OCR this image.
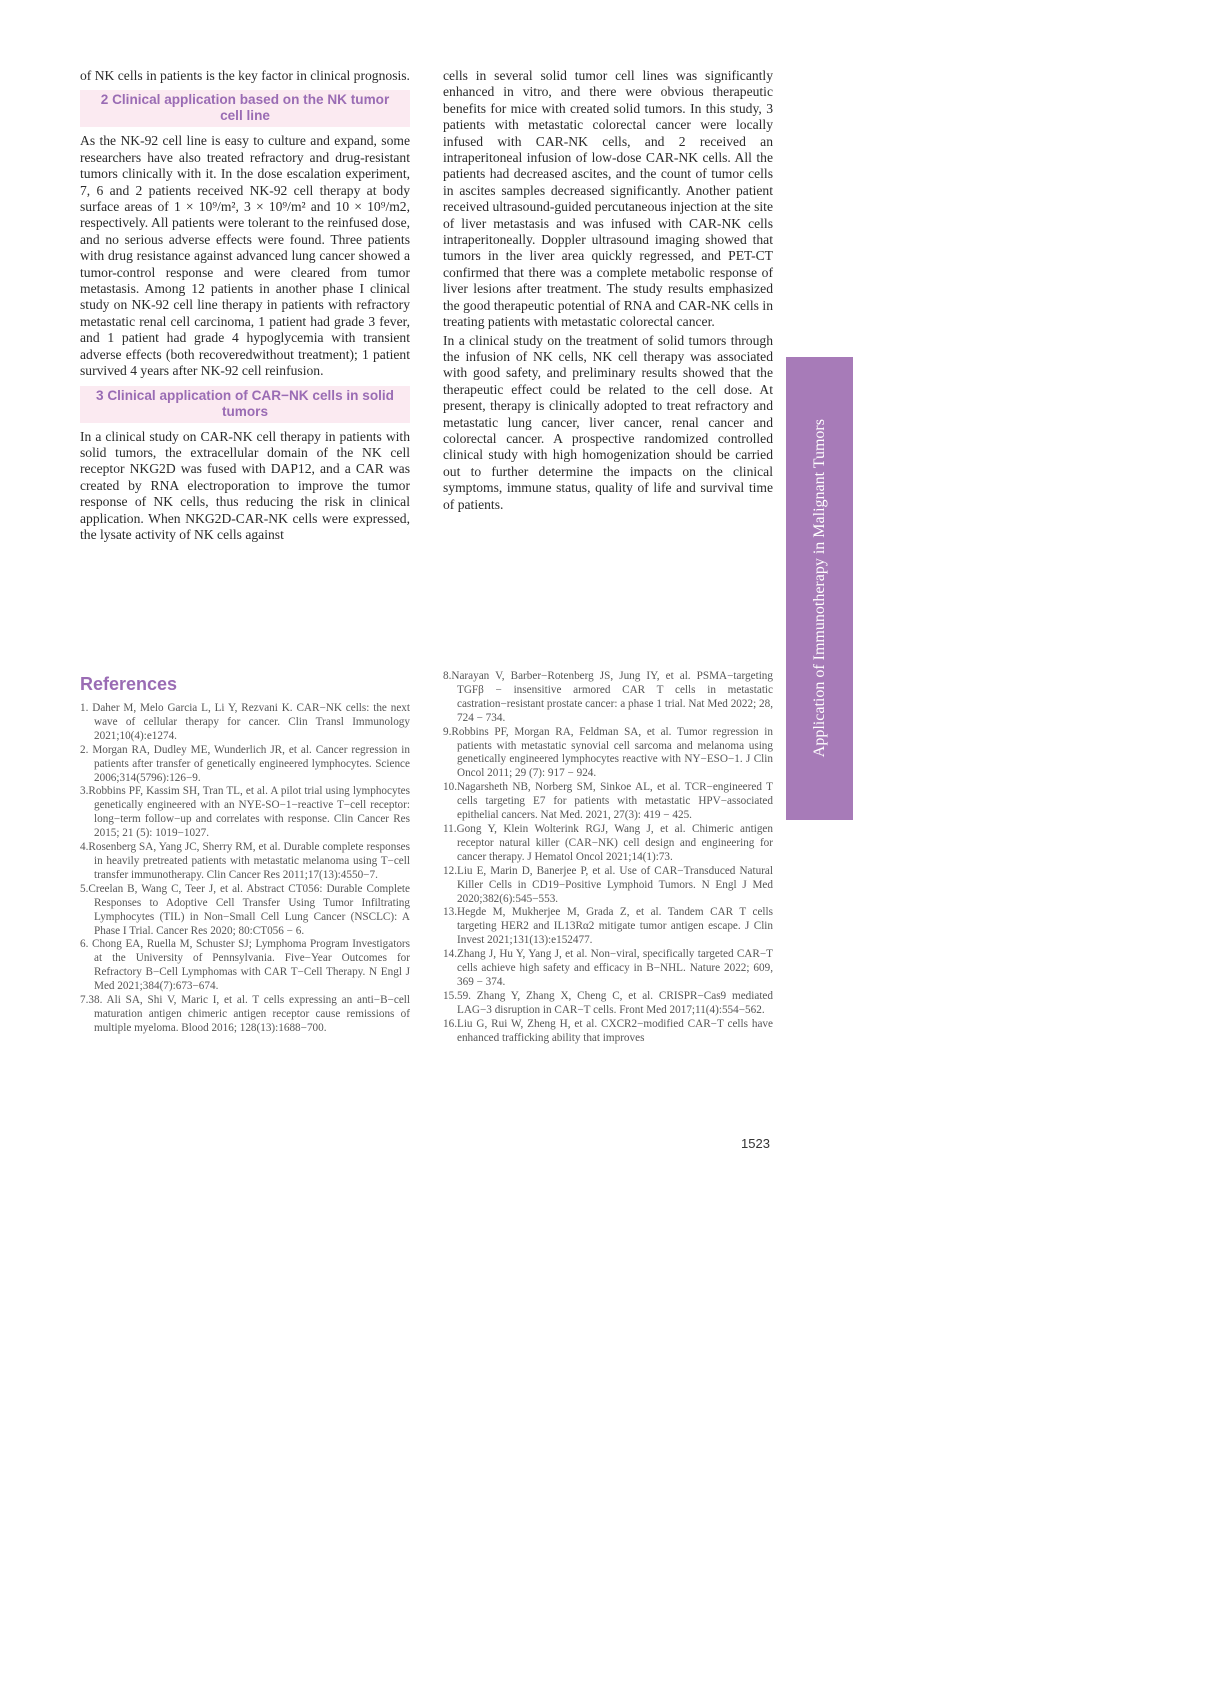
of NK cells in patients is the key factor in clinical prognosis.

2 Clinical application based on the NK tumor cell line

As the NK-92 cell line is easy to culture and expand, some researchers have also treated refractory and drug-resistant tumors clinically with it. In the dose escalation experiment, 7, 6 and 2 patients received NK-92 cell therapy at body surface areas of 1 × 10⁹/m², 3 × 10⁹/m² and 10 × 10⁹/m2, respectively. All patients were tolerant to the reinfused dose, and no serious adverse effects were found. Three patients with drug resistance against advanced lung cancer showed a tumor-control response and were cleared from tumor metastasis. Among 12 patients in another phase I clinical study on NK-92 cell line therapy in patients with refractory metastatic renal cell carcinoma, 1 patient had grade 3 fever, and 1 patient had grade 4 hypoglycemia with transient adverse effects (both recoveredwithout treatment); 1 patient survived 4 years after NK-92 cell reinfusion.

3 Clinical application of CAR−NK cells in solid tumors

In a clinical study on CAR-NK cell therapy in patients with solid tumors, the extracellular domain of the NK cell receptor NKG2D was fused with DAP12, and a CAR was created by RNA electroporation to improve the tumor response of NK cells, thus reducing the risk in clinical application. When NKG2D-CAR-NK cells were expressed, the lysate activity of NK cells against

cells in several solid tumor cell lines was significantly enhanced in vitro, and there were obvious therapeutic benefits for mice with created solid tumors. In this study, 3 patients with metastatic colorectal cancer were locally infused with CAR-NK cells, and 2 received an intraperitoneal infusion of low-dose CAR-NK cells. All the patients had decreased ascites, and the count of tumor cells in ascites samples decreased significantly. Another patient received ultrasound-guided percutaneous injection at the site of liver metastasis and was infused with CAR-NK cells intraperitoneally. Doppler ultrasound imaging showed that tumors in the liver area quickly regressed, and PET-CT confirmed that there was a complete metabolic response of liver lesions after treatment. The study results emphasized the good therapeutic potential of RNA and CAR-NK cells in treating patients with metastatic colorectal cancer.

In a clinical study on the treatment of solid tumors through the infusion of NK cells, NK cell therapy was associated with good safety, and preliminary results showed that the therapeutic effect could be related to the cell dose. At present, therapy is clinically adopted to treat refractory and metastatic lung cancer, liver cancer, renal cancer and colorectal cancer. A prospective randomized controlled clinical study with high homogenization should be carried out to further determine the impacts on the clinical symptoms, immune status, quality of life and survival time of patients.

References
1. Daher M, Melo Garcia L, Li Y, Rezvani K. CAR−NK cells: the next wave of cellular therapy for cancer. Clin Transl Immunology 2021;10(4):e1274.
2. Morgan RA, Dudley ME, Wunderlich JR, et al. Cancer regression in patients after transfer of genetically engineered lymphocytes. Science 2006;314(5796):126−9.
3.Robbins PF, Kassim SH, Tran TL, et al. A pilot trial using lymphocytes genetically engineered with an NYE-SO−1−reactive T−cell receptor: long−term follow−up and correlates with response. Clin Cancer Res 2015; 21 (5): 1019−1027.
4.Rosenberg SA, Yang JC, Sherry RM, et al. Durable complete responses in heavily pretreated patients with metastatic melanoma using T−cell transfer immunotherapy. Clin Cancer Res 2011;17(13):4550−7.
5.Creelan B, Wang C, Teer J, et al. Abstract CT056: Durable Complete Responses to Adoptive Cell Transfer Using Tumor Infiltrating Lymphocytes (TIL) in Non−Small Cell Lung Cancer (NSCLC): A Phase I Trial. Cancer Res 2020; 80:CT056 − 6.
6. Chong EA, Ruella M, Schuster SJ; Lymphoma Program Investigators at the University of Pennsylvania. Five−Year Outcomes for Refractory B−Cell Lymphomas with CAR T−Cell Therapy. N Engl J Med 2021;384(7):673−674.
7.38. Ali SA, Shi V, Maric I, et al. T cells expressing an anti−B−cell maturation antigen chimeric antigen receptor cause remissions of multiple myeloma. Blood 2016; 128(13):1688−700.
8.Narayan V, Barber−Rotenberg JS, Jung IY, et al. PSMA−targeting TGFβ − insensitive armored CAR T cells in metastatic castration−resistant prostate cancer: a phase 1 trial. Nat Med 2022; 28, 724 − 734.
9.Robbins PF, Morgan RA, Feldman SA, et al. Tumor regression in patients with metastatic synovial cell sarcoma and melanoma using genetically engineered lymphocytes reactive with NY−ESO−1. J Clin Oncol 2011; 29 (7): 917 − 924.
10.Nagarsheth NB, Norberg SM, Sinkoe AL, et al. TCR−engineered T cells targeting E7 for patients with metastatic HPV−associated epithelial cancers. Nat Med. 2021, 27(3): 419 − 425.
11.Gong Y, Klein Wolterink RGJ, Wang J, et al. Chimeric antigen receptor natural killer (CAR−NK) cell design and engineering for cancer therapy. J Hematol Oncol 2021;14(1):73.
12.Liu E, Marin D, Banerjee P, et al. Use of CAR−Transduced Natural Killer Cells in CD19−Positive Lymphoid Tumors. N Engl J Med 2020;382(6):545−553.
13.Hegde M, Mukherjee M, Grada Z, et al. Tandem CAR T cells targeting HER2 and IL13Rα2 mitigate tumor antigen escape. J Clin Invest 2021;131(13):e152477.
14.Zhang J, Hu Y, Yang J, et al. Non−viral, specifically targeted CAR−T cells achieve high safety and efficacy in B−NHL. Nature 2022; 609, 369 − 374.
15.59. Zhang Y, Zhang X, Cheng C, et al. CRISPR−Cas9 mediated LAG−3 disruption in CAR−T cells. Front Med 2017;11(4):554−562.
16.Liu G, Rui W, Zheng H, et al. CXCR2−modified CAR−T cells have enhanced trafficking ability that improves
Application of Immunotherapy in Malignant Tumors
1523
